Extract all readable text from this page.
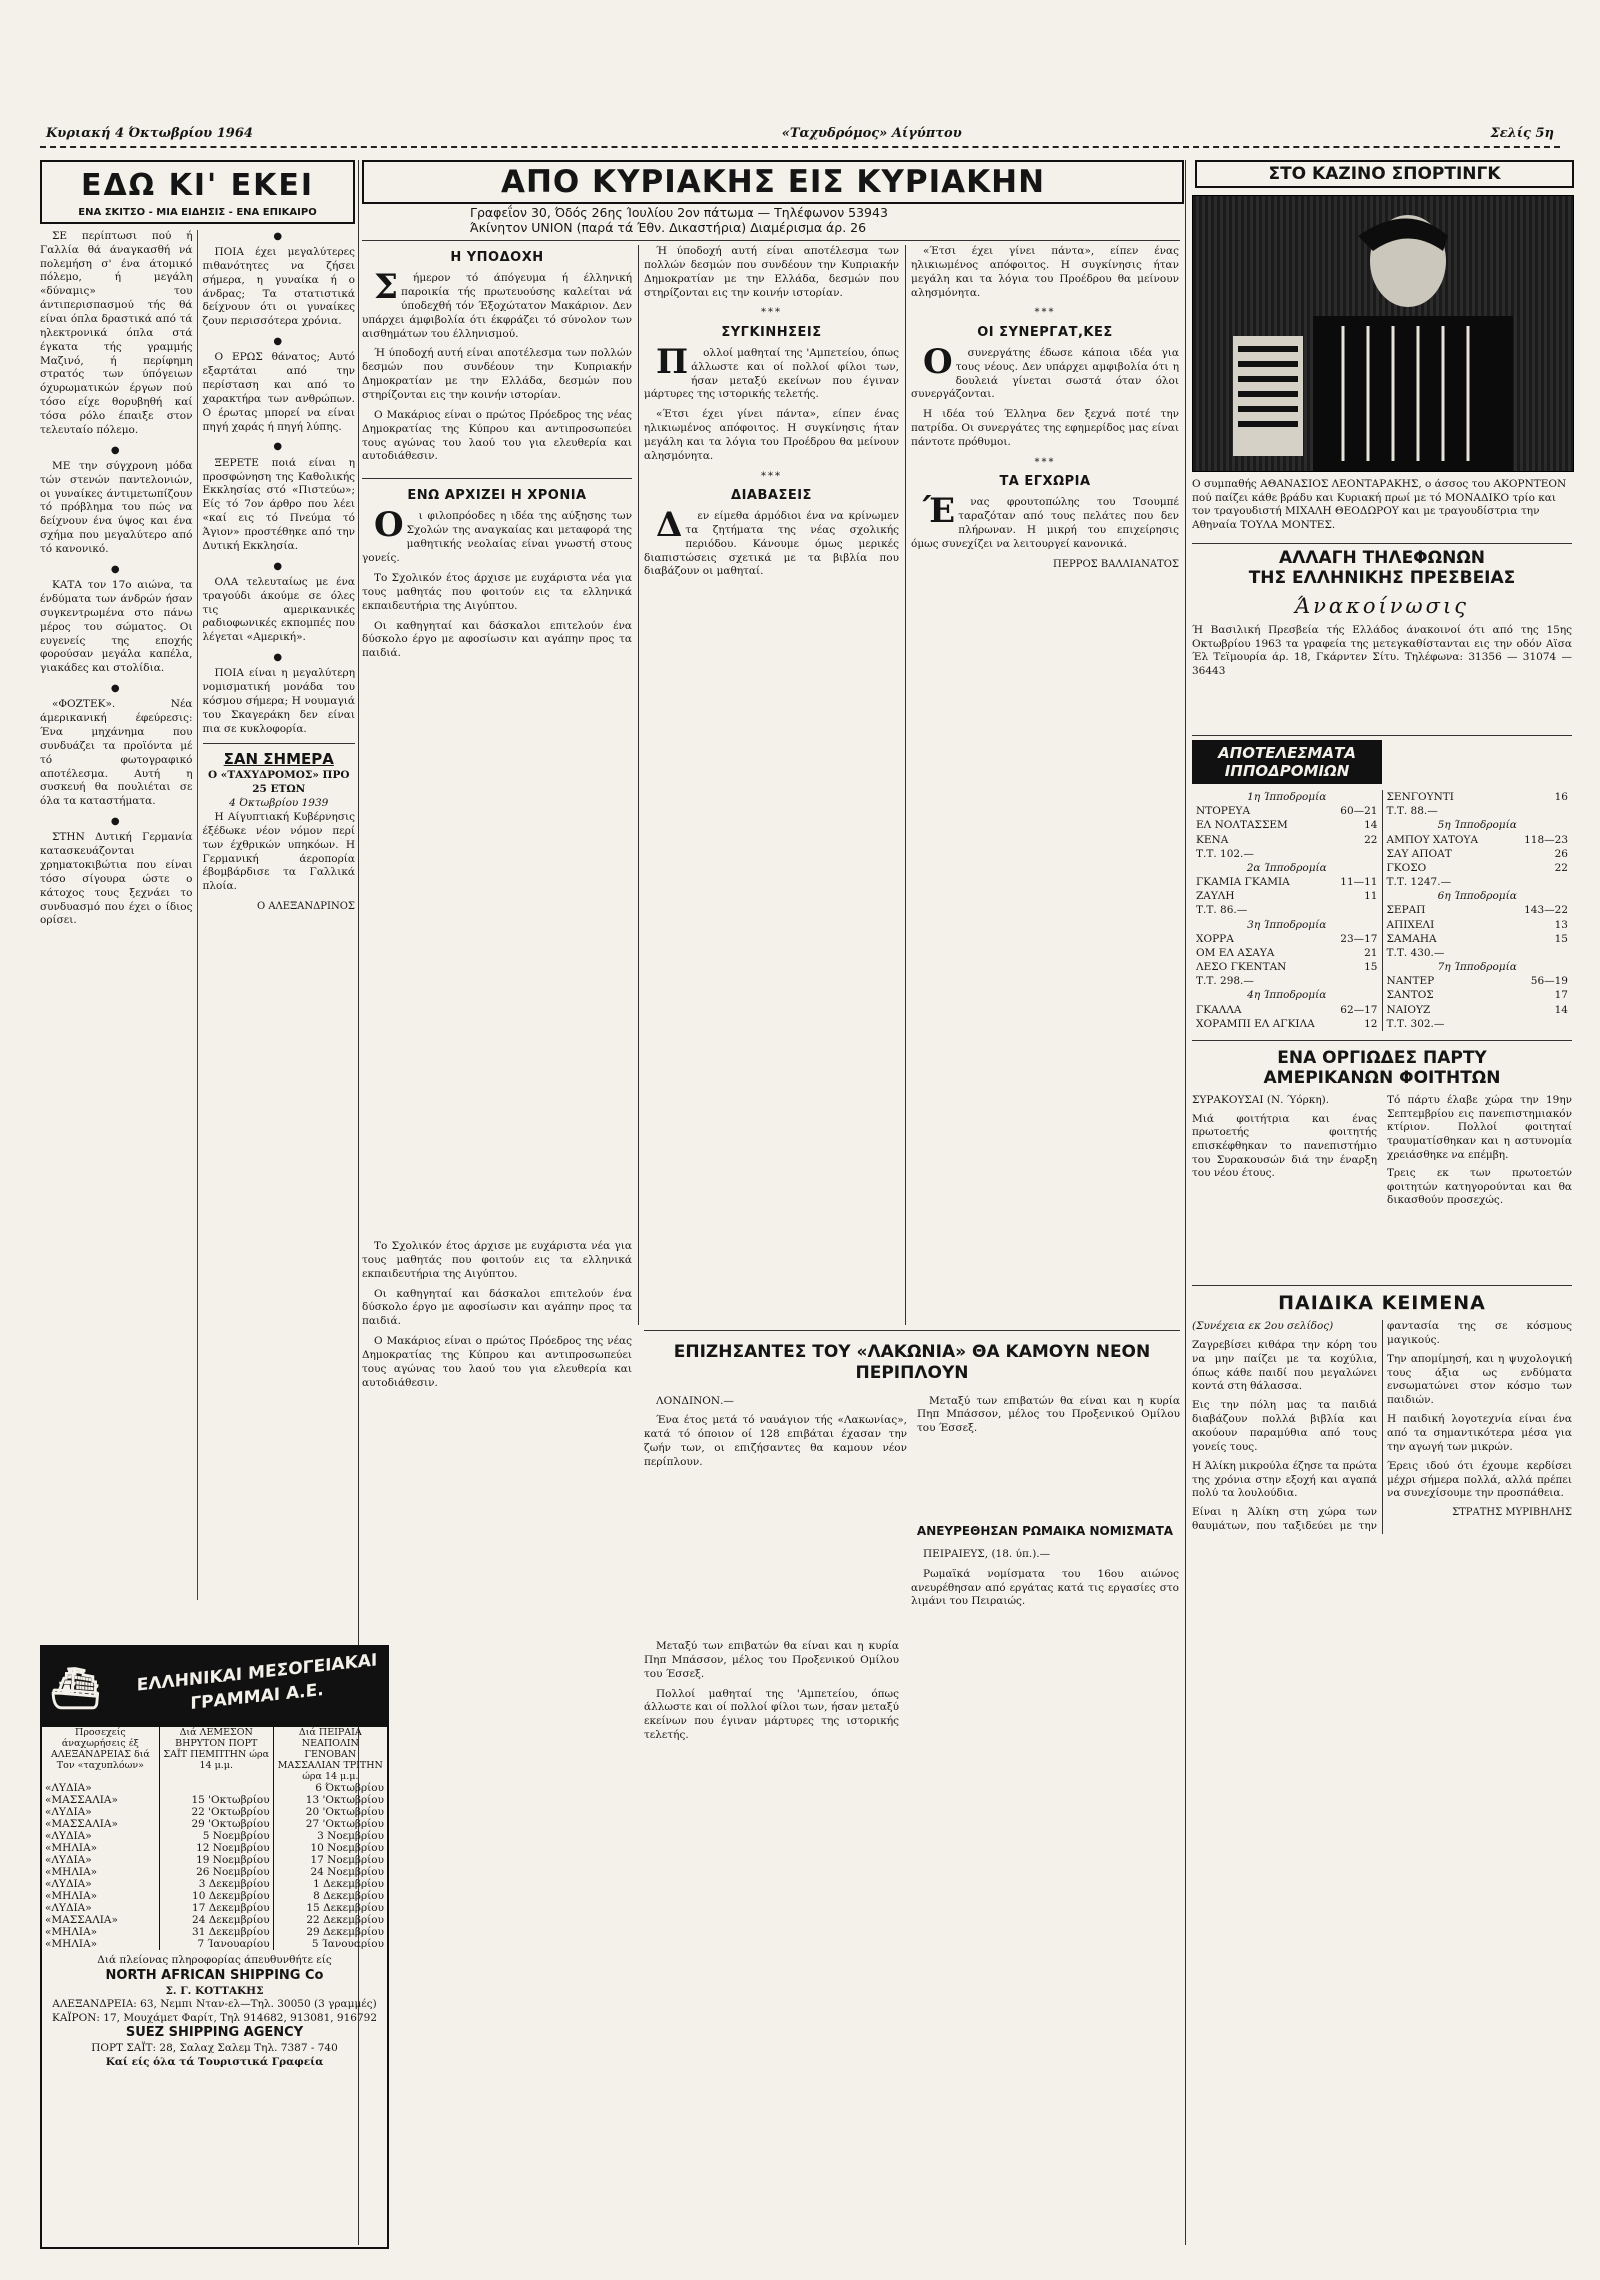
Κυριακή 4 Όκτωβρίου 1964	«Ταχυδρόμος» Αίγύπτου	Σελίς 5η
ΕΔΩ ΚΙ' ΕΚΕΙ
ΕΝΑ ΣΚΙΤΣΟ - ΜΙΑ ΕΙΔΗΣΙΣ - ΕΝΑ ΕΠΙΚΑΙΡΟ

ΣΕ περίπτωσι πού ή Γαλλία θά άναγκασθή νά πολεμήση σ' ένα άτομικό πόλεμο, ή μεγάλη «δύναμις» του άντιπερισπασμού τής θά είναι όπλα δραστικά από τά ηλεκτρονικά όπλα στά έγκατα τής γραμμής Μαζινό, ή περίφημη στρατός των ύπόγειων όχυρωματικών έργων πού τόσο είχε θορυβηθή καί τόσα ρόλο έπαιξε στον τελευταίο πόλεμο.

●

ΜΕ την σύγχρονη μόδα τών στενών παντελονιών, οι γυναίκες άντιμετωπίζουν τό πρόβλημα του πώς να δείχνουν ένα ύψος και ένα σχήμα που μεγαλύτερο από τό κανονικό.

●

ΚΑΤΑ τον 17ο αιώνα, τα ένδύματα των άνδρών ήσαν συγκεντρωμένα στο πάνω μέρος του σώματος. Οι ευγενείς της εποχής φορούσαν μεγάλα καπέλα, γιακάδες και στολίδια.

●

«ΦΟΖΤΕΚ». Νέα άμερικανική έφεύρεσις: Ένα μηχάνημα που συνδυάζει τα προϊόντα μέ τό φωτογραφικό αποτέλεσμα. Αυτή η συσκευή θα πουλιέται σε όλα τα καταστήματα.

●

ΣΤΗΝ Δυτική Γερμανία κατασκευάζονται χρηματοκιβώτια που είναι τόσο σίγουρα ώστε ο κάτοχος τους ξεχνάει το συνδυασμό που έχει ο ίδιος ορίσει.

●

ΠΟΙΑ έχει μεγαλύτερες πιθανότητες να ζήσει σήμερα, η γυναίκα ή ο άνδρας; Τα στατιστικά δείχνουν ότι οι γυναίκες ζουν περισσότερα χρόνια.

●

Ο ΕΡΩΣ θάνατος; Αυτό εξαρτάται από την περίσταση και από το χαρακτήρα των ανθρώπων. Ο έρωτας μπορεί να είναι πηγή χαράς ή πηγή λύπης.

●

ΞΕΡΕΤΕ ποιά είναι η προσφώνηση της Καθολικής Εκκλησίας στό «Πιστεύω»; Είς τό 7ον άρθρο που λέει «καί εις τό Πνεύμα τό Άγιον» προστέθηκε από την Δυτική Εκκλησία.

●

ΟΛΑ τελευταίως με ένα τραγούδι άκούμε σε όλες τις αμερικανικές ραδιοφωνικές εκπομπές που λέγεται «Αμερική».

●

ΠΟΙΑ είναι η μεγαλύτερη νομισματική μονάδα του κόσμου σήμερα; Η νουμαγιά του Σκαγεράκη δεν είναι πια σε κυκλοφορία.

ΣΑΝ ΣΗΜΕΡΑ
Ο «ΤΑΧΥΔΡΟΜΟΣ» ΠΡΟ 25 ΕΤΩΝ
4 Όκτωβρίου 1939

Η Αίγυπτιακή Κυβέρνησις έξέδωκε νέον νόμον περί των έχθρικών υπηκόων. Η Γερμανική άεροπορία έβομβάρδισε τα Γαλλικά πλοία.

Ο ΑΛΕΞΑΝΔΡΙΝΟΣ
⛴ ΕΛΛΗΝΙΚΑΙ ΜΕΣΟΓΕΙΑΚΑΙ ΓΡΑΜΜΑΙ Α.Ε.
Προσεχείς άναχωρήσεις έξ ΑΛΕΞΑΝΔΡΕΙΑΣ διά Τον «ταχυπλόων»	Διά ΛΕΜΕΣΟΝ ΒΗΡΥΤΟΝ ΠΟΡΤ ΣΑΪΤ ΠΕΜΠΤΗΝ ώρα 14 μ.μ.	Διά ΠΕΙΡΑΙΑ ΝΕΑΠΟΛΙΝ ΓΕΝΟΒΑΝ ΜΑΣΣΑΛΙΑΝ ΤΡΙΤΗΝ ώρα 14 μ.μ.
«ΛΥΔΙΑ»		6 Όκτωβρίου
«ΜΑΣΣΑΛΙΑ»	15 'Οκτωβρίου	13 'Οκτωβρίου
«ΛΥΔΙΑ»	22 'Οκτωβρίου	20 'Οκτωβρίου
«ΜΑΣΣΑΛΙΑ»	29 'Οκτωβρίου	27 'Οκτωβρίου
«ΛΥΔΙΑ»	5 Νοεμβρίου	3 Νοεμβρίου
«ΜΗΛΙΑ»	12 Νοεμβρίου	10 Νοεμβρίου
«ΛΥΔΙΑ»	19 Νοεμβρίου	17 Νοεμβρίου
«ΜΗΛΙΑ»	26 Νοεμβρίου	24 Νοεμβρίου
«ΛΥΔΙΑ»	3 Δεκεμβρίου	1 Δεκεμβρίου
«ΜΗΛΙΑ»	10 Δεκεμβρίου	8 Δεκεμβρίου
«ΛΥΔΙΑ»	17 Δεκεμβρίου	15 Δεκεμβρίου
«ΜΑΣΣΑΛΙΑ»	24 Δεκεμβρίου	22 Δεκεμβρίου
«ΜΗΛΙΑ»	31 Δεκεμβρίου	29 Δεκεμβρίου
«ΜΗΛΙΑ»	7 Ίανουαρίου	5 Ίανουαρίου
Διά πλείονας πληροφορίας άπευθυνθήτε είς
NORTH AFRICAN SHIPPING Co
Σ. Γ. ΚΟΤΤΑΚΗΣ
ΑΛΕΞΑΝΔΡΕΙΑ: 63, Νεμπι Νταν-ελ—Τηλ. 30050 (3 γραμμές)
ΚΑΪΡΟΝ: 17, Μουχάμετ Φαρίτ, Τηλ 914682, 913081, 916792
SUEZ SHIPPING AGENCY
ΠΟΡΤ ΣΑΪΤ: 28, Σαλαχ Σαλεμ Τηλ. 7387 - 740
Καί είς όλα τά Τουριστικά Γραφεία
ΑΠΟ ΚΥΡΙΑΚΗΣ ΕΙΣ ΚΥΡΙΑΚΗΝ
Γραφεΐον 30, Όδός 26ης Ίουλίου 2ον πάτωμα — Τηλέφωνον 53943
Άκίνητον UNION (παρά τά Έθν. Δικαστήρια) Διαμέρισμα άρ. 26
Η ΥΠΟΔΟΧΗ

Σήμερον τό άπόγευμα ή έλληνική παροικία τής πρωτευούσης καλείται νά ύποδεχθή τόν Έξοχώτατον Μακάριον. Δεν υπάρχει άμφιβολία ότι έκφράζει τό σύνολον των αισθημάτων του έλληνισμού.

Ή ύποδοχή αυτή είναι αποτέλεσμα των πολλών δεσμών που συνδέουν την Κυπριακήν Δημοκρατίαν με την Ελλάδα, δεσμών που στηρίζονται εις την κοινήν ιστορίαν.

Ο Μακάριος είναι ο πρώτος Πρόεδρος της νέας Δημοκρατίας της Κύπρου και αντιπροσωπεύει τους αγώνας του λαού του για ελευθερία και αυτοδιάθεσιν.

ΕΝΩ ΑΡΧΙΖΕΙ Η ΧΡΟΝΙΑ

Οι φιλοπρόοδες η ιδέα της αύξησης των Σχολών της αναγκαίας και μεταφορά της μαθητικής νεολαίας είναι γνωστή στους γονείς.

Το Σχολικόν έτος άρχισε με ευχάριστα νέα για τους μαθητάς που φοιτούν εις τα ελληνικά εκπαιδευτήρια της Αιγύπτου.

Οι καθηγηταί και δάσκαλοι επιτελούν ένα δύσκολο έργο με αφοσίωσιν και αγάπην προς τα παιδιά.

Ή ύποδοχή αυτή είναι αποτέλεσμα των πολλών δεσμών που συνδέουν την Κυπριακήν Δημοκρατίαν με την Ελλάδα, δεσμών που στηρίζονται εις την κοινήν ιστορίαν.

***
ΣΥΓΚΙΝΗΣΕΙΣ

Πολλοί μαθηταί της 'Αμπετείου, όπως άλλωστε και οί πολλοί φίλοι των, ήσαν μεταξύ εκείνων που έγιναν μάρτυρες της ιστορικής τελετής.

«Έτσι έχει γίνει πάντα», είπεν ένας ηλικιωμένος απόφοιτος. Η συγκίνησις ήταν μεγάλη και τα λόγια του Προέδρου θα μείνουν αλησμόνητα.

***
ΔΙΑΒΑΣΕΙΣ

Δεν είμεθα άρμόδιοι ένα να κρίνωμεν τα ζητήματα της νέας σχολικής περιόδου. Κάνουμε όμως μερικές διαπιστώσεις σχετικά με τα βιβλία που διαβάζουν οι μαθηταί.

«Έτσι έχει γίνει πάντα», είπεν ένας ηλικιωμένος απόφοιτος. Η συγκίνησις ήταν μεγάλη και τα λόγια του Προέδρου θα μείνουν αλησμόνητα.

***
ΟΙ ΣΥΝΕΡΓΑΤ,ΚΕΣ

Οσυνεργάτης έδωσε κάποια ιδέα για τους νέους. Δεν υπάρχει αμφιβολία ότι η δουλειά γίνεται σωστά όταν όλοι συνεργάζονται.

Η ιδέα τού Έλληνα δεν ξεχνά ποτέ την πατρίδα. Οι συνεργάτες της εφημερίδος μας είναι πάντοτε πρόθυμοι.

***
ΤΑ ΕΓΧΩΡΙΑ

Ένας φρουτοπώλης του Τσουμπέ ταραζόταν από τους πελάτες που δεν πλήρωναν. Η μικρή του επιχείρησις όμως συνεχίζει να λειτουργεί κανονικά.

ΠΕΡΡΟΣ ΒΑΛΛΙΑΝΑΤΟΣ
ΕΠΙΖΗΣΑΝΤΕΣ ΤΟΥ «ΛΑΚΩΝΙΑ» ΘΑ ΚΑΜΟΥΝ ΝΕΟΝ ΠΕΡΙΠΛΟΥΝ

ΛΟΝΔΙΝΟΝ.—

Ένα έτος μετά τό ναυάγιον τής «Λακωνίας», κατά τό όποιον οί 128 επιβάται έχασαν την ζωήν των, οι επιζήσαντες θα καμουν νέον περίπλουν.

Μεταξύ των επιβατών θα είναι και η κυρία Πηπ Μπάσσον, μέλος του Προξενικού Ομίλου του Έσσεξ.

ΑΝΕΥΡΕΘΗΣΑΝ ΡΩΜΑΙΚΑ ΝΟΜΙΣΜΑΤΑ

ΠΕΙΡΑΙΕΥΣ, (18. ύπ.).—

Ρωμαϊκά νομίσματα του 16ου αιώνος ανευρέθησαν από εργάτας κατά τις εργασίες στο λιμάνι του Πειραιώς.

Το Σχολικόν έτος άρχισε με ευχάριστα νέα για τους μαθητάς που φοιτούν εις τα ελληνικά εκπαιδευτήρια της Αιγύπτου.

Οι καθηγηταί και δάσκαλοι επιτελούν ένα δύσκολο έργο με αφοσίωσιν και αγάπην προς τα παιδιά.

Ο Μακάριος είναι ο πρώτος Πρόεδρος της νέας Δημοκρατίας της Κύπρου και αντιπροσωπεύει τους αγώνας του λαού του για ελευθερία και αυτοδιάθεσιν.

Μεταξύ των επιβατών θα είναι και η κυρία Πηπ Μπάσσον, μέλος του Προξενικού Ομίλου του Έσσεξ.

Πολλοί μαθηταί της 'Αμπετείου, όπως άλλωστε και οί πολλοί φίλοι των, ήσαν μεταξύ εκείνων που έγιναν μάρτυρες της ιστορικής τελετής.

ΣΤΟ ΚΑΖΙΝΟ ΣΠΟΡΤΙΝΓΚ
Ο συμπαθής ΑΘΑΝΑΣΙΟΣ ΛΕΟΝΤΑΡΑΚΗΣ, ο άσσος του ΑΚΟΡΝΤΕΟΝ πού παίζει κάθε βράδυ και Κυριακή πρωί με τό ΜΟΝΑΔΙΚΟ τρίο και τον τραγουδιστή ΜΙΧΑΛΗ ΘΕΟΔΩΡΟΥ και με τραγουδίστρια την Αθηναία ΤΟΥΛΑ ΜΟΝΤΕΣ.
ΑΛΛΑΓΗ ΤΗΛΕΦΩΝΩΝ
ΤΗΣ ΕΛΛΗΝΙΚΗΣ ΠΡΕΣΒΕΙΑΣ
Άνακοίνωσις
Ή Βασιλική Πρεσβεία τής Ελλάδος άνακοινοί ότι από της 15ης Οκτωβρίου 1963 τα γραφεία της μετεγκαθίστανται εις την οδόν Αϊσα Έλ Τεϊμουρία άρ. 18, Γκάρντεν Σίτυ. Τηλέφωνα: 31356 — 31074 — 36443
ΑΠΟΤΕΛΕΣΜΑΤΑ ΙΠΠΟΔΡΟΜΙΩΝ
1η Ίπποδρομία
ΝΤΟΡΕΥΑ	60—21
ΕΛ ΝΟΛΤΑΣΣΕΜ	14
ΚΕΝΑ	22
Τ.Τ. 102.—
2α Ίπποδρομία
ΓΚΑΜΙΑ ΓΚΑΜΙΑ	11—11
ΖΑΥΛΗ	11
Τ.Τ. 86.—
3η Ίπποδρομία
ΧΟΡΡΑ	23—17
ΟΜ ΕΛ ΑΣΑΥΑ	21
ΛΕΣΟ ΓΚΕΝΤΑΝ	15
Τ.Τ. 298.—
4η Ίπποδρομία
ΓΚΑΛΛΑ	62—17
ΧΟΡΑΜΠΙ ΕΛ ΑΓΚΙΛΑ	12
ΣΕΝΓΟΥΝΤΙ	16
Τ.Τ. 88.—
5η Ίπποδρομία
ΑΜΠΟΥ ΧΑΤΟΥΑ	118—23
ΣΑΥ ΑΠΟΑΤ	26
ΓΚΟΣΟ	22
Τ.Τ. 1247.—
6η Ίπποδρομία
ΣΕΡΑΠ	143—22
ΑΠΙΧΕΛΙ	13
ΣΑΜΑΗΑ	15
Τ.Τ. 430.—
7η Ίπποδρομία
ΝΑΝΤΕΡ	56—19
ΣΑΝΤΟΣ	17
ΝΑΙΟΥΖ	14
Τ.Τ. 302.—
ΕΝΑ ΟΡΓΙΩΔΕΣ ΠΑΡΤΥ
ΑΜΕΡΙΚΑΝΩΝ ΦΟΙΤΗΤΩΝ

ΣΥΡΑΚΟΥΣΑΙ (Ν. Ύόρκη).

Μιά φοιτήτρια και ένας πρωτοετής φοιτητής επισκέφθηκαν το πανεπιστήμιο του Συρακουσών διά την έναρξη του νέου έτους.

Τό πάρτυ έλαβε χώρα την 19ην Σεπτεμβρίου εις πανεπιστημιακόν κτίριον. Πολλοί φοιτηταί τραυματίσθηκαν και η αστυνομία χρειάσθηκε να επέμβη.

Τρεις εκ των πρωτοετών φοιτητών κατηγορούνται και θα δικασθούν προσεχώς.

ΠΑΙΔΙΚΑ ΚΕΙΜΕΝΑ

(Συνέχεια εκ 2ου σελίδος)

Ζαγρεβίσει κιθάρα την κόρη του να μην παίζει με τα κοχύλια, όπως κάθε παιδί που μεγαλώνει κοντά στη θάλασσα.

Εις την πόλη μας τα παιδιά διαβάζουν πολλά βιβλία και ακούουν παραμύθια από τους γονείς τους.

Η Άλίκη μικρούλα έζησε τα πρώτα της χρόνια στην εξοχή και αγαπά πολύ τα λουλούδια.

Είναι η Άλίκη στη χώρα των θαυμάτων, που ταξιδεύει με την φαντασία της σε κόσμους μαγικούς.

Την απομίμησή, και η ψυχολογική τους άξια ως ενδύματα ενσωματώνει στον κόσμο των παιδιών.

Η παιδική λογοτεχνία είναι ένα από τα σημαντικότερα μέσα για την αγωγή των μικρών.

Έρεις ιδού ότι έχουμε κερδίσει μέχρι σήμερα πολλά, αλλά πρέπει να συνεχίσουμε την προσπάθεια.

ΣΤΡΑΤΗΣ ΜΥΡΙΒΗΛΗΣ
